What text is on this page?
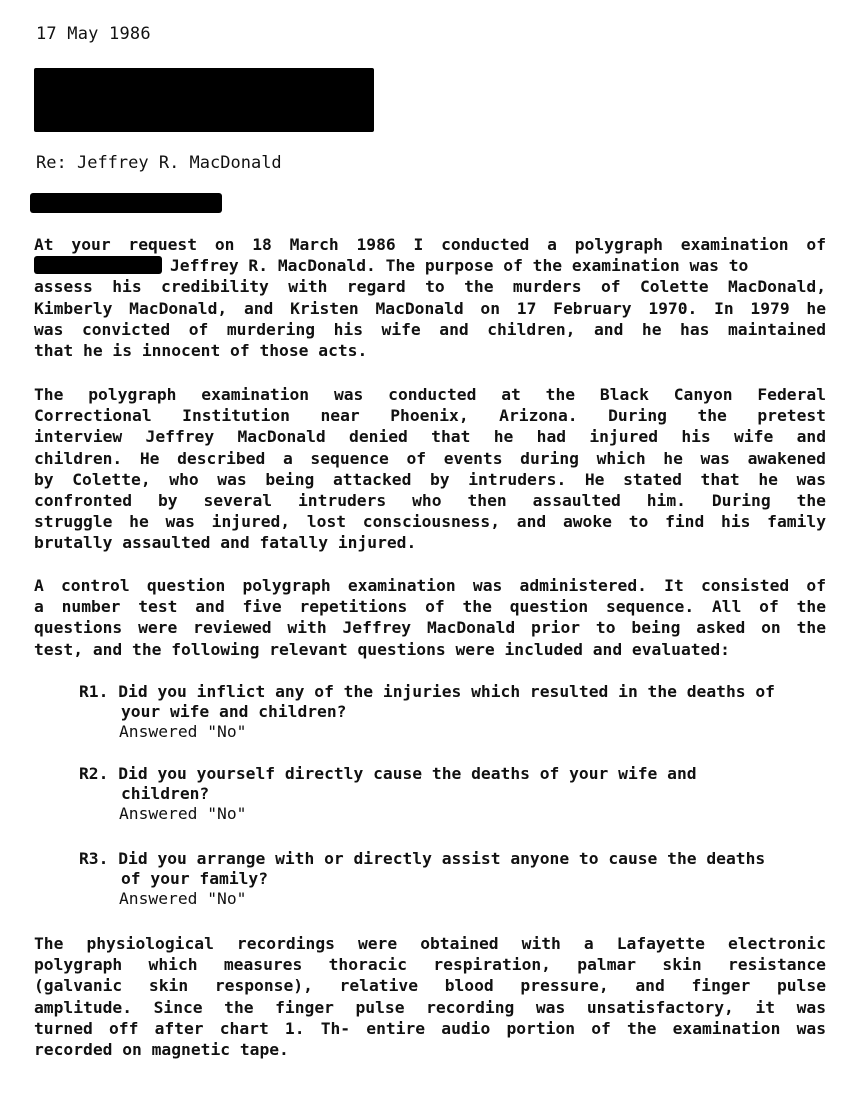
17 May 1986
Re: Jeffrey R. MacDonald
At your request on 18 March 1986 I conducted a polygraph examination of
Jeffrey R. MacDonald. The purpose of the examination was to
assess his credibility with regard to the murders of Colette MacDonald,
Kimberly MacDonald, and Kristen MacDonald on 17 February 1970. In 1979 he
was convicted of murdering his wife and children, and he has maintained
that he is innocent of those acts.
The polygraph examination was conducted at the Black Canyon Federal
Correctional Institution near Phoenix, Arizona. During the pretest
interview Jeffrey MacDonald denied that he had injured his wife and
children. He described a sequence of events during which he was awakened
by Colette, who was being attacked by intruders. He stated that he was
confronted by several intruders who then assaulted him. During the
struggle he was injured, lost consciousness, and awoke to find his family
brutally assaulted and fatally injured.
A control question polygraph examination was administered. It consisted of
a number test and five repetitions of the question sequence. All of the
questions were reviewed with Jeffrey MacDonald prior to being asked on the
test, and the following relevant questions were included and evaluated:
R1. Did you inflict any of the injuries which resulted in the deaths of
your wife and children?
Answered "No"
R2. Did you yourself directly cause the deaths of your wife and
children?
Answered "No"
R3. Did you arrange with or directly assist anyone to cause the deaths
of your family?
Answered "No"
The physiological recordings were obtained with a Lafayette electronic
polygraph which measures thoracic respiration, palmar skin resistance
(galvanic skin response), relative blood pressure, and finger pulse
amplitude. Since the finger pulse recording was unsatisfactory, it was
turned off after chart 1. Th- entire audio portion of the examination was
recorded on magnetic tape.
